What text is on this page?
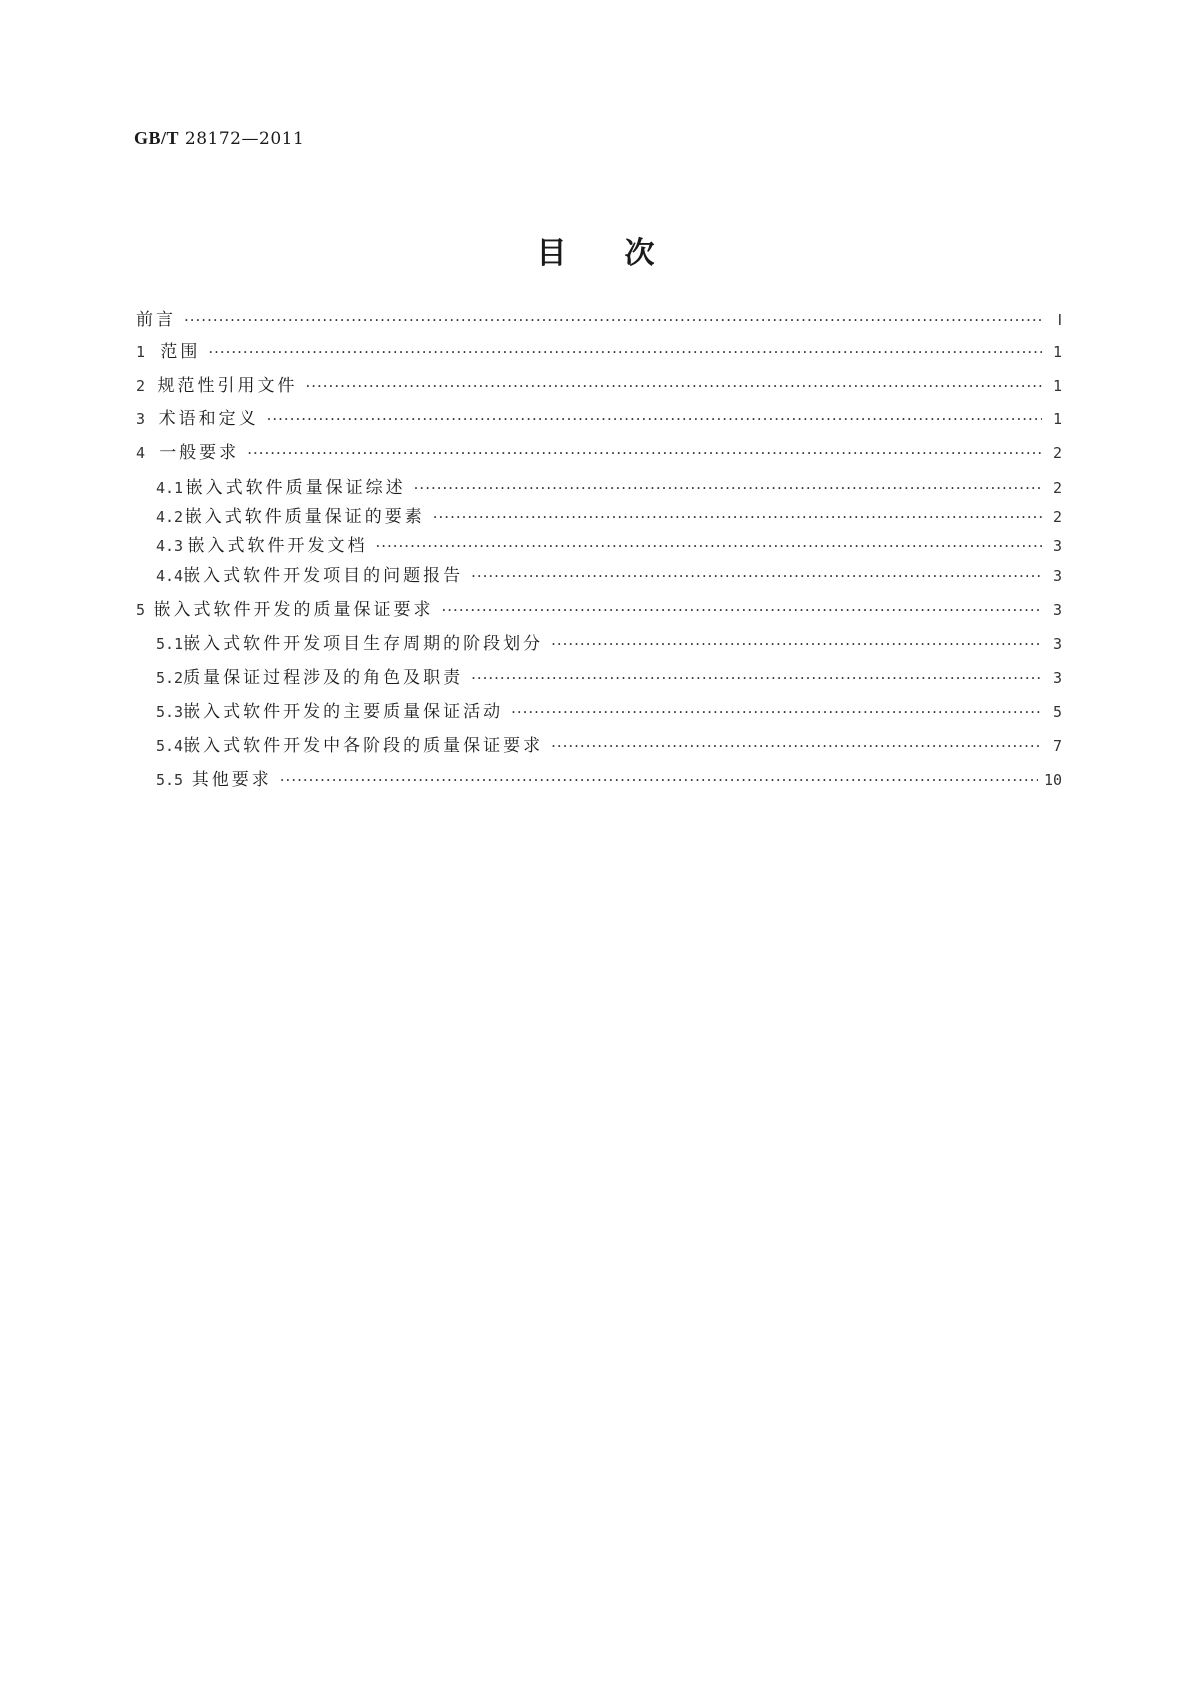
GB/T 28172—2011
目次
前言 ·····	Ⅰ
1 范围 ·····	1
2 规范性引用文件 ·····	1
3 术语和定义 ·····	1
4 一般要求 ·····	2
4.1 嵌入式软件质量保证综述 ·····	2
4.2 嵌入式软件质量保证的要素 ·····	2
4.3 嵌入式软件开发文档 ·····	3
4.4 嵌入式软件开发项目的问题报告 ·····	3
5 嵌入式软件开发的质量保证要求 ·····	3
5.1 嵌入式软件开发项目生存周期的阶段划分 ·····	3
5.2 质量保证过程涉及的角色及职责 ·····	3
5.3 嵌入式软件开发的主要质量保证活动 ·····	5
5.4 嵌入式软件开发中各阶段的质量保证要求 ·····	7
5.5 其他要求 ·····	10
